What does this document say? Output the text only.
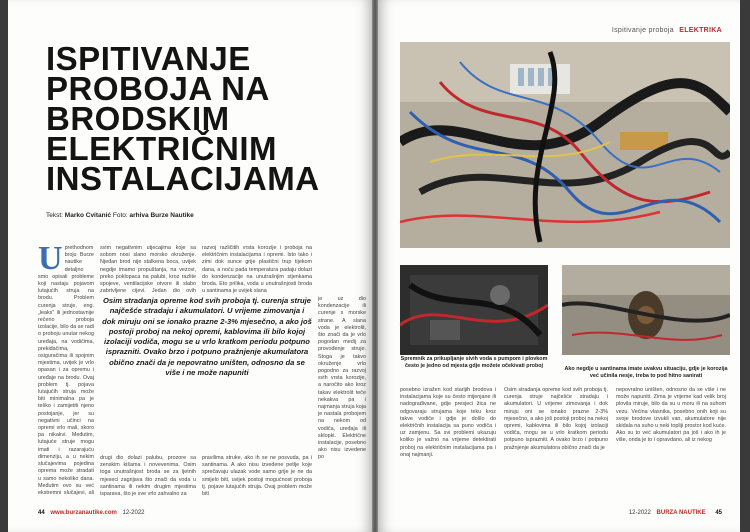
ISPITIVANJE
PROBOJA NA
BRODSKIM
ELEKTRIČNIM
INSTALACIJAMA
Tekst: Marko Cvitanić Foto: arhiva Burze Nautike
Uprethodnom broju Burze nautike detaljno smo opisali probleme koji nastaju pojavom lutajućih struja na brodu. Problem curenja struje, eng. „leaks" ili jednostavnije rečeno proboja izolacije, bilo da se radi o proboju unutar nekog uređaja, na vodičima, prekidačima, osiguračima ili spojnim mjestima, uvijek je vrlo opasan i za opremu i uređaje na brodu. Ovaj problem tj. pojava lutajućih struja može biti minimalna pa je teško i zamijetiti njeno postojanje, jer su negativni učinci na opremi vrlo mali, skoro pa nikakvi. Međutim, lutajuće struje mogu imati i razarajuću dimenziju, a u nekim slučajevima pojedina oprema može stradati u samo nekoliko dana. Međutim ovo su već ekstremni slučajevi, ali
svim negativnim utjecajima koje sa sobom nosi slano morsko okruženje. Njeđan brod nije stalkena boca, uvijek negdje imamo propuštanja, na vezovi, preko poklopaca na palubi, kroz razlite spojeve, ventilacijske otvore ili slabo zabrtvljene cijevi. Jedan dio ovih
razvoj različitih vrsta korozije i proboja na električnim instalacijama i opremi. Isto tako i zimi dok sunce grije plastični trup tijekom dana, a noću pada temperatura padaju dolazi do kondenzacije na unutrašnjim stjenkama broda. Eto prilika, voda u unutrašnjosti broda u santinama je uvijek slana
Osim stradanja opreme kod svih proboja tj. curenja struje najčešće stradaju i akumulatori. U vrijeme zimovanja i dok miruju oni se ionako prazne 2-3% mjesečno, a ako još postoji proboj na nekoj opremi, kablovima ili bilo kojoj izolaciji vodiča, mogu se u vrlo kratkom periodu potpuno isprazniti. Ovako brzo i potpuno pražnjenje akumulatora obično znači da je nepovratno uništen, odnosno da se više i ne može napuniti
drugi dio dolazi palubu, prozore sa zenskim kišama i novevenima. Osim toga unutrašnjost broda se za ljetnih mjeseci zagrijava što znači da voda u santinama ili nekim drugim mjestima isparava, što je sve vrlo zahvalno za
pravilima struke, ako ih se ne posvuda, pa i santinama. A ako nisu izvedene petlje koje sprečavaju ulazak vode samo grije je ne da smijelo biti, uvijek postoji mogućnost proboja tj. pojave lutajućih struja. Ovaj problem može biti
je uz dio kondenzacije ili curenje s morske strane. A slana voda je elektrolit, što znači da je vrlo pogodan medij za provođenje struje. Stoga je takvo okruženje vrlo pogodno za razvoj svih vrsta korozije, a naročito ako kroz takav elektrolit teče nekakva pa i najmanja struja koja je nastala probojem na nekom od vodiča, uređaja ili sklopki. Električne instalacije, posebno ako nisu izvedene po
44 www.burzanautike.com 12-2022
Ispitivanje proboja ELEKTRIKA
Spremnik za prikupljanje sivih voda s pumpom i plovkom često je jedno od mjesta gdje možete očekivati proboj	Ako negdje u santinama imate uvakvu situaciju, gdje je korozija već učinila nesje, treba to pod hitno sanirati
posebno izražen kod starijih brodova i instalacijama koje su često mijenjane ili nadograđivane, gdje presjeci žica ne odgovaraju strujama koje teku kroz takve vodiče i gdje je došlo do električnih instalacija sa puno vodiča i uz zamjenu. Sa svi problemi ukazuju koliko je važno na vrijeme detektirati proboj na električnim instalacijama pa i onaj najmanji.
Osim stradanja opreme kod svih proboja tj. curenja struje najčešće stradaju i akumulatori. U vrijeme zimovanja i dok miruju oni se ionako prazne 2-3% mjesečno, a ako još postoji proboj na nekoj opremi, kablovima ili bilo kojoj izolaciji vodiča, mogu se u vrlo kratkom periodu potpuno isprazniti. A ovako brzo i potpuno pražnjenje akumulatora obično znači da je
nepovratno uništen, odnosno da se više i ne može napuniti. Zima je vrijeme kad velik broj plovila miruje, bilo da su u moru ili na suhom vezu. Većina vlasnika, posebno onih koji su svoje brodove izvukli van, akumulatore nije skidala na suho u neki topliji prostor kod kuće. Ako su to već akumulatori pa još i ako ih je više, onda je to i opravdano, ali iz nekog
12-2022 BURZA NAUTIKE 45
